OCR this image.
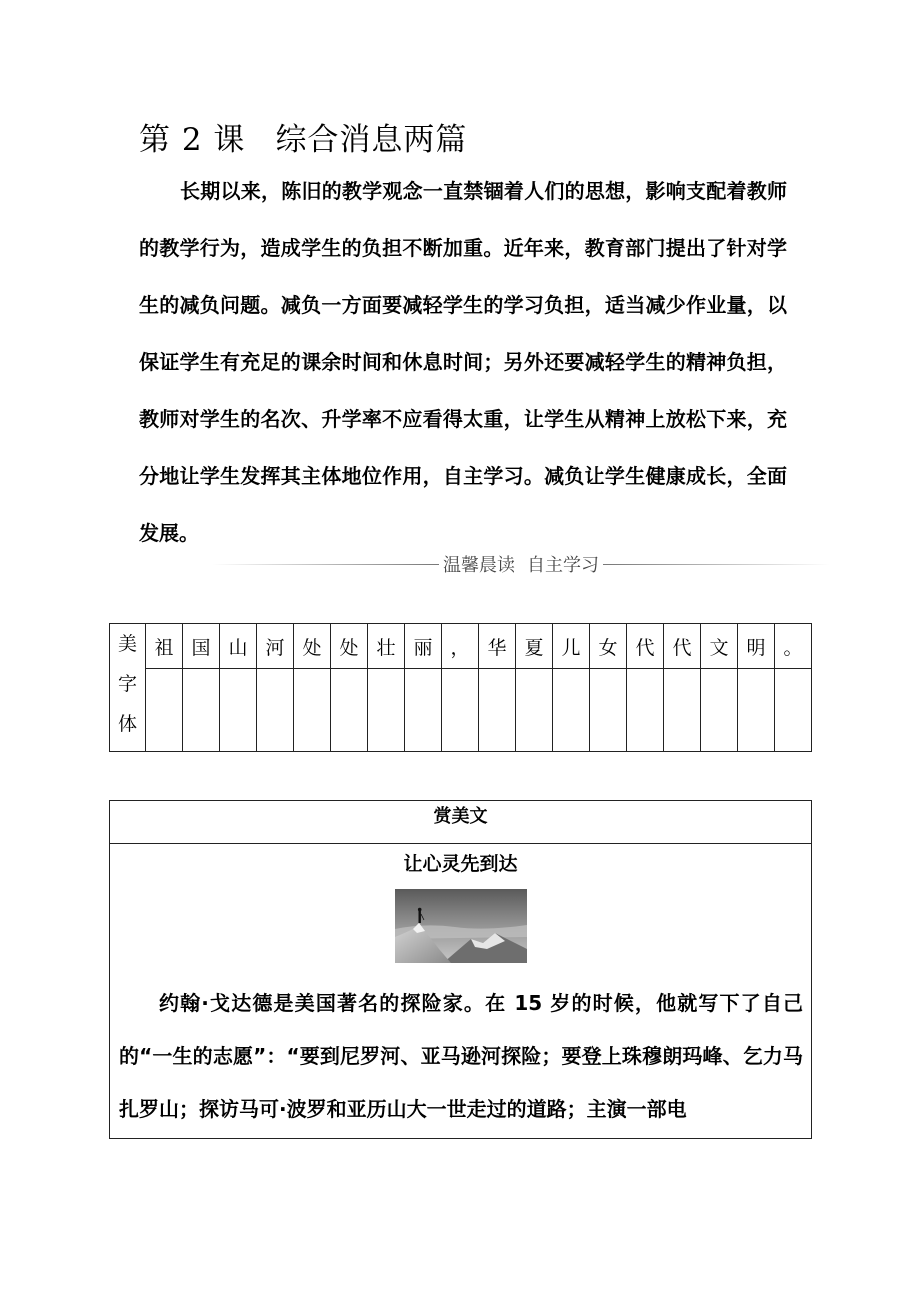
第 2 课 综合消息两篇
长期以来，陈旧的教学观念一直禁锢着人们的思想，影响支配着教师的教学行为，造成学生的负担不断加重。近年来，教育部门提出了针对学生的减负问题。减负一方面要减轻学生的学习负担，适当减少作业量，以保证学生有充足的课余时间和休息时间；另外还要减轻学生的精神负担，教师对学生的名次、升学率不应看得太重，让学生从精神上放松下来，充分地让学生发挥其主体地位作用，自主学习。减负让学生健康成长，全面发展。
温馨晨读 自主学习
美
字
体	祖	国	山	河	处	处	壮	丽	，	华	夏	儿	女	代	代	文	明	。

赏美文
让心灵先到达
约翰·戈达德是美国著名的探险家。在 15 岁的时候，他就写下了自己的“一生的志愿”：“要到尼罗河、亚马逊河探险；要登上珠穆朗玛峰、乞力马扎罗山；探访马可·波罗和亚历山大一世走过的道路；主演一部电
